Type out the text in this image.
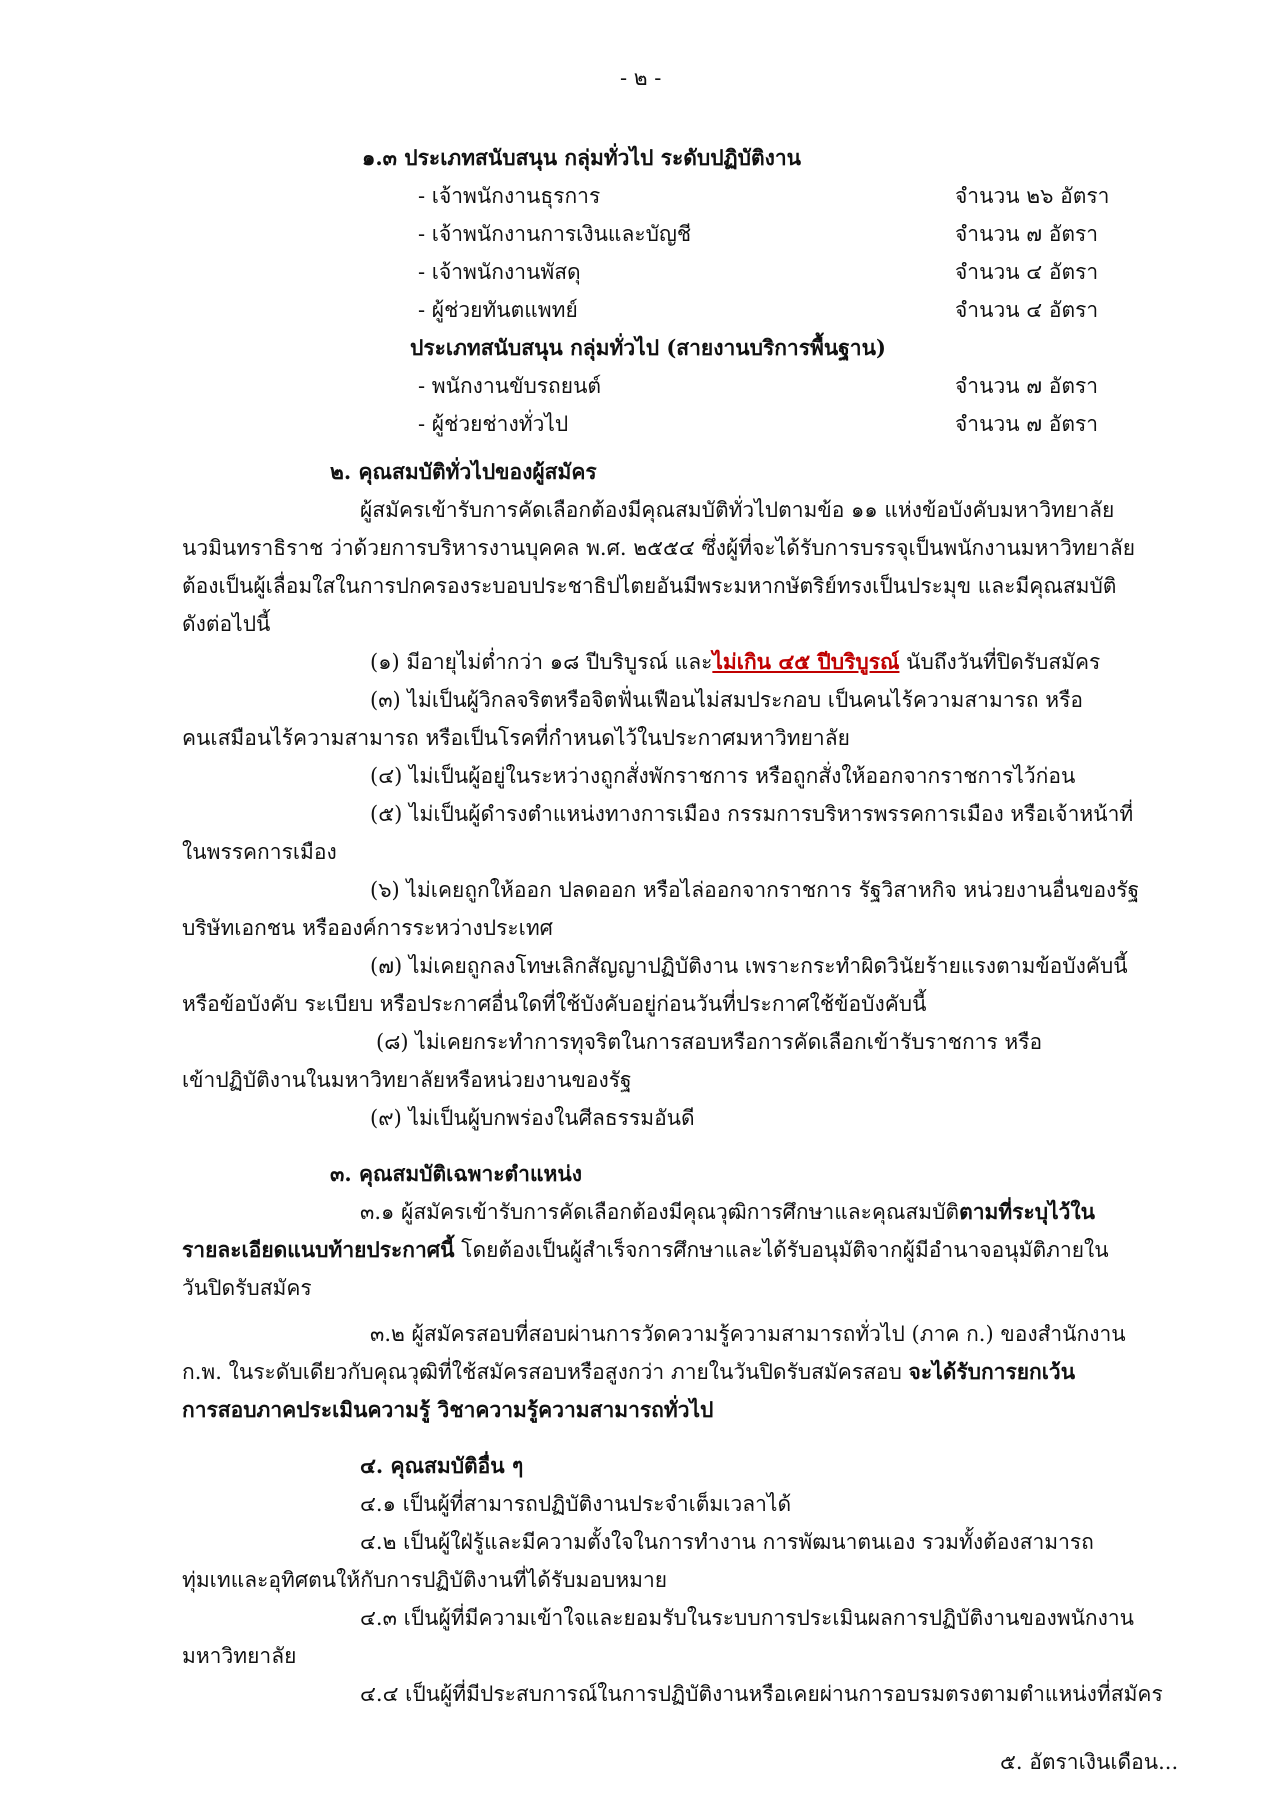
- ๒ -
๑.๓ ประเภทสนับสนุน กลุ่มทั่วไป ระดับปฏิบัติงาน
- เจ้าพนักงานธุรการ	จำนวน ๒๖ อัตรา
- เจ้าพนักงานการเงินและบัญชี	จำนวน ๗ อัตรา
- เจ้าพนักงานพัสดุ	จำนวน ๔ อัตรา
- ผู้ช่วยทันตแพทย์	จำนวน ๔ อัตรา
ประเภทสนับสนุน กลุ่มทั่วไป (สายงานบริการพื้นฐาน)
- พนักงานขับรถยนต์	จำนวน ๗ อัตรา
- ผู้ช่วยช่างทั่วไป	จำนวน ๗ อัตรา
๒. คุณสมบัติทั่วไปของผู้สมัคร
ผู้สมัครเข้ารับการคัดเลือกต้องมีคุณสมบัติทั่วไปตามข้อ ๑๑ แห่งข้อบังคับมหาวิทยาลัย
นวมินทราธิราช ว่าด้วยการบริหารงานบุคคล พ.ศ. ๒๕๕๔ ซึ่งผู้ที่จะได้รับการบรรจุเป็นพนักงานมหาวิทยาลัย
ต้องเป็นผู้เลื่อมใสในการปกครองระบอบประชาธิปไตยอันมีพระมหากษัตริย์ทรงเป็นประมุข และมีคุณสมบัติ
ดังต่อไปนี้
(๑) มีอายุไม่ต่ำกว่า ๑๘ ปีบริบูรณ์ และไม่เกิน ๔๕ ปีบริบูรณ์ นับถึงวันที่ปิดรับสมัคร
(๓) ไม่เป็นผู้วิกลจริตหรือจิตฟั่นเฟือนไม่สมประกอบ เป็นคนไร้ความสามารถ หรือ
คนเสมือนไร้ความสามารถ หรือเป็นโรคที่กำหนดไว้ในประกาศมหาวิทยาลัย
(๔) ไม่เป็นผู้อยู่ในระหว่างถูกสั่งพักราชการ หรือถูกสั่งให้ออกจากราชการไว้ก่อน
(๕) ไม่เป็นผู้ดำรงตำแหน่งทางการเมือง กรรมการบริหารพรรคการเมือง หรือเจ้าหน้าที่
ในพรรคการเมือง
(๖) ไม่เคยถูกให้ออก ปลดออก หรือไล่ออกจากราชการ รัฐวิสาหกิจ หน่วยงานอื่นของรัฐ
บริษัทเอกชน หรือองค์การระหว่างประเทศ
(๗) ไม่เคยถูกลงโทษเลิกสัญญาปฏิบัติงาน เพราะกระทำผิดวินัยร้ายแรงตามข้อบังคับนี้
หรือข้อบังคับ ระเบียบ หรือประกาศอื่นใดที่ใช้บังคับอยู่ก่อนวันที่ประกาศใช้ข้อบังคับนี้
(๘) ไม่เคยกระทำการทุจริตในการสอบหรือการคัดเลือกเข้ารับราชการ หรือ
เข้าปฏิบัติงานในมหาวิทยาลัยหรือหน่วยงานของรัฐ
(๙) ไม่เป็นผู้บกพร่องในศีลธรรมอันดี
๓. คุณสมบัติเฉพาะตำแหน่ง
๓.๑ ผู้สมัครเข้ารับการคัดเลือกต้องมีคุณวุฒิการศึกษาและคุณสมบัติตามที่ระบุไว้ใน
รายละเอียดแนบท้ายประกาศนี้ โดยต้องเป็นผู้สำเร็จการศึกษาและได้รับอนุมัติจากผู้มีอำนาจอนุมัติภายใน
วันปิดรับสมัคร
๓.๒ ผู้สมัครสอบที่สอบผ่านการวัดความรู้ความสามารถทั่วไป (ภาค ก.) ของสำนักงาน
ก.พ. ในระดับเดียวกับคุณวุฒิที่ใช้สมัครสอบหรือสูงกว่า ภายในวันปิดรับสมัครสอบ จะได้รับการยกเว้น
การสอบภาคประเมินความรู้ วิชาความรู้ความสามารถทั่วไป
๔. คุณสมบัติอื่น ๆ
๔.๑ เป็นผู้ที่สามารถปฏิบัติงานประจำเต็มเวลาได้
๔.๒ เป็นผู้ใฝ่รู้และมีความตั้งใจในการทำงาน การพัฒนาตนเอง รวมทั้งต้องสามารถ
ทุ่มเทและอุทิศตนให้กับการปฏิบัติงานที่ได้รับมอบหมาย
๔.๓ เป็นผู้ที่มีความเข้าใจและยอมรับในระบบการประเมินผลการปฏิบัติงานของพนักงาน
มหาวิทยาลัย
๔.๔ เป็นผู้ที่มีประสบการณ์ในการปฏิบัติงานหรือเคยผ่านการอบรมตรงตามตำแหน่งที่สมัคร
๕. อัตราเงินเดือน...
